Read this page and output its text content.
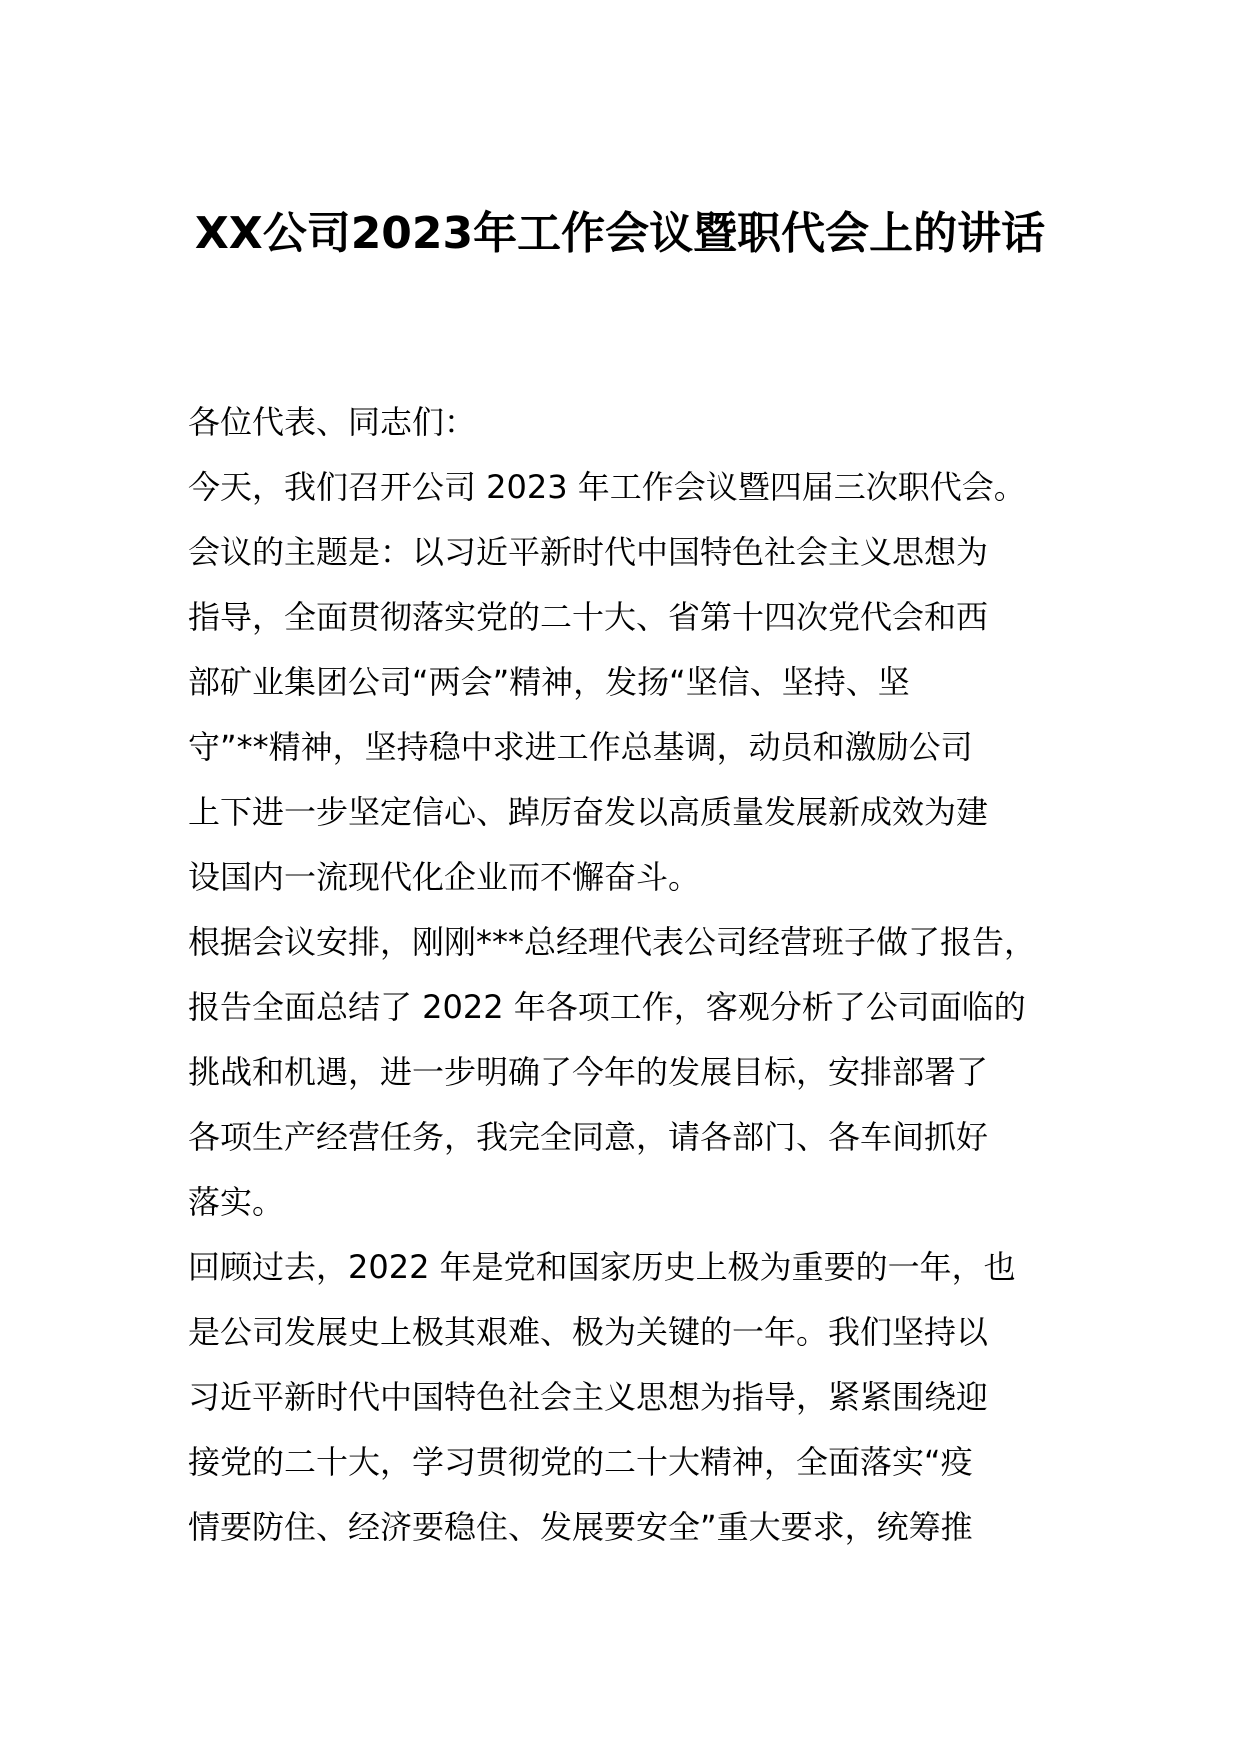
XX公司2023年工作会议暨职代会上的讲话
各位代表、同志们：
今天，我们召开公司 2023 年工作会议暨四届三次职代会。
会议的主题是：以习近平新时代中国特色社会主义思想为
指导，全面贯彻落实党的二十大、省第十四次党代会和西
部矿业集团公司“两会”精神，发扬“坚信、坚持、坚
守”**精神，坚持稳中求进工作总基调，动员和激励公司
上下进一步坚定信心、踔厉奋发以高质量发展新成效为建
设国内一流现代化企业而不懈奋斗。
根据会议安排，刚刚***总经理代表公司经营班子做了报告，
报告全面总结了 2022 年各项工作，客观分析了公司面临的
挑战和机遇，进一步明确了今年的发展目标，安排部署了
各项生产经营任务，我完全同意，请各部门、各车间抓好
落实。
回顾过去，2022 年是党和国家历史上极为重要的一年，也
是公司发展史上极其艰难、极为关键的一年。我们坚持以
习近平新时代中国特色社会主义思想为指导，紧紧围绕迎
接党的二十大，学习贯彻党的二十大精神，全面落实“疫
情要防住、经济要稳住、发展要安全”重大要求，统筹推
